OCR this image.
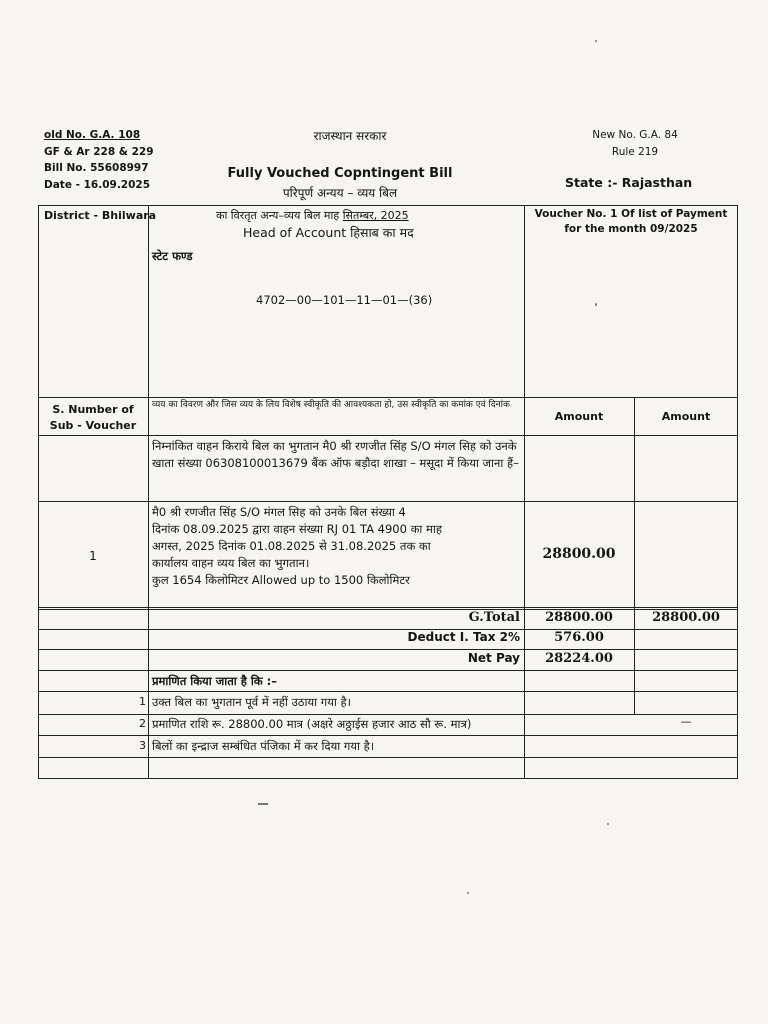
old No. G.A. 108
GF & Ar 228 & 229
Bill No. 55608997
Date - 16.09.2025
राजस्थान सरकार
Fully Vouched Copntingent Bill
परिपूर्ण अन्यय – व्यय बिल
New No. G.A. 84
Rule 219
State :- Rajasthan
District - Bhilwara	का विरतृत अन्य–व्यय बिल माह सितम्बर, 2025
Head of Account हिसाब का मद
स्टेट फण्ड
4702—00—101—11—01—(36)
Voucher No. 1 Of list of Payment
for the month 09/2025
S. Number of Sub - Voucher
व्यय का विवरण और जिस व्यय के लिय विशेष स्वीकृति की आवश्यकता हो, उस स्वीकृति का कमांक एवं दिनांक
Amount	Amount
निम्नांकित वाहन किराये बिल का भुगतान मै0 श्री रणजीत सिंह S/O मंगल सिह को उनके खाता संख्या 06308100013679 बैंक ऑफ बड़ौदा शाखा – मसूदा में किया जाना हैं–
1
मै0 श्री रणजीत सिंह S/O मंगल सिह को उनके बिल संख्या 4
दिनांक 08.09.2025 द्वारा वाहन संख्या RJ 01 TA 4900 का माह
अगस्त, 2025 दिनांक 01.08.2025 से 31.08.2025 तक का
कार्यालय वाहन व्यय बिल का भुगतान।
कुल 1654 किलोमिटर Allowed up to 1500 किलोमिटर
28800.00
G.Total	28800.00	28800.00
Deduct I. Tax 2%	576.00
Net Pay	28224.00
प्रमाणित किया जाता है कि :–
1 उक्त बिल का भुगतान पूर्व में नहीं उठाया गया है।
2 प्रमाणित राशि रू. 28800.00 मात्र (अक्षरे अठ्ठाईस हजार आठ सौ रू. मात्र)	—
3 बिलों का इन्द्राज सम्बंधित पंजिका में कर दिया गया है।
